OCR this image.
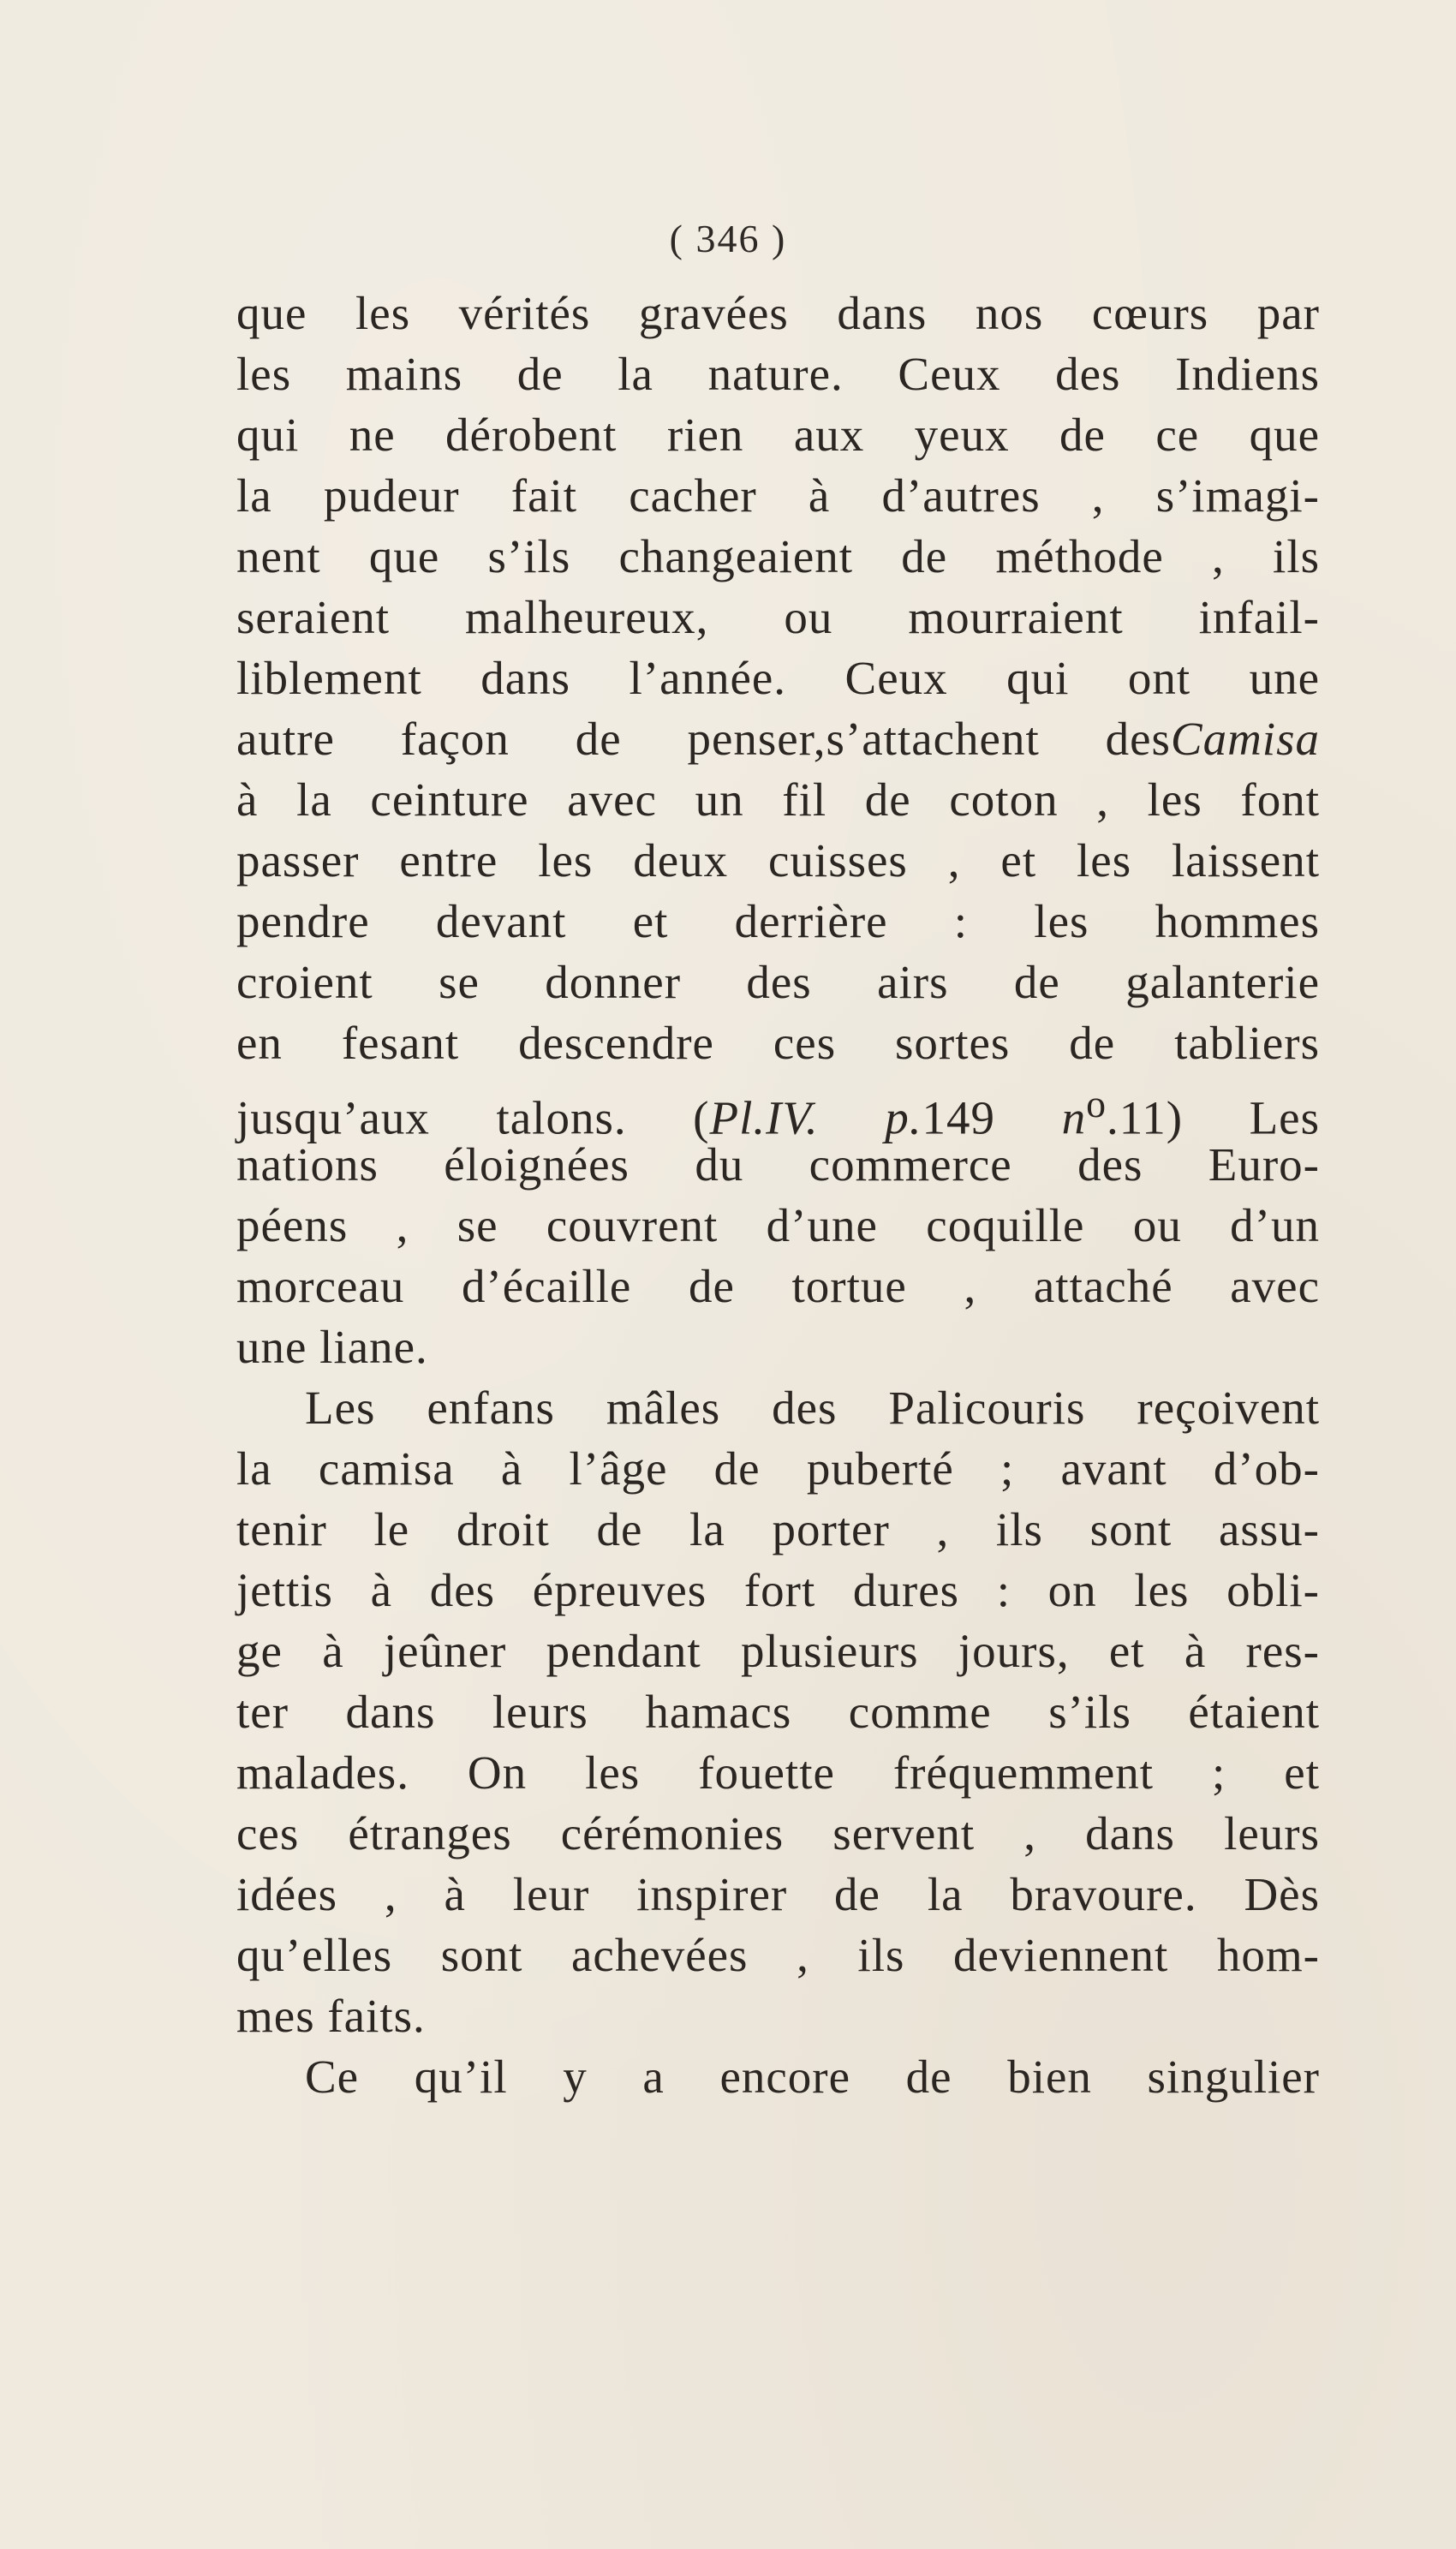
( 346 )
que les vérités gravées dans nos cœurs par
les mains de la nature. Ceux des Indiens
qui ne dérobent rien aux yeux de ce que
la pudeur fait cacher à d’autres , s’imagi-
nent que s’ils changeaient de méthode , ils
seraient malheureux, ou mourraient infail-
liblement dans l’année. Ceux qui ont une
autre façon de penser,s’attachent desCamisa
à la ceinture avec un fil de coton , les font
passer entre les deux cuisses , et les laissent
pendre devant et derrière : les hommes
croient se donner des airs de galanterie
en fesant descendre ces sortes de tabliers
jusqu’aux talons. (Pl.IV. p.149 $n^o.11$) Les
nations éloignées du commerce des Euro-
péens , se couvrent d’une coquille ou d’un
morceau d’écaille de tortue , attaché avec
une liane.
Les enfans mâles des Palicouris reçoivent
la camisa à l’âge de puberté ; avant d’ob-
tenir le droit de la porter , ils sont assu-
jettis à des épreuves fort dures : on les obli-
ge à jeûner pendant plusieurs jours, et à res-
ter dans leurs hamacs comme s’ils étaient
malades. On les fouette fréquemment ; et
ces étranges cérémonies servent , dans leurs
idées , à leur inspirer de la bravoure. Dès
qu’elles sont achevées , ils deviennent hom-
mes faits.
Ce qu’il y a encore de bien singulier
